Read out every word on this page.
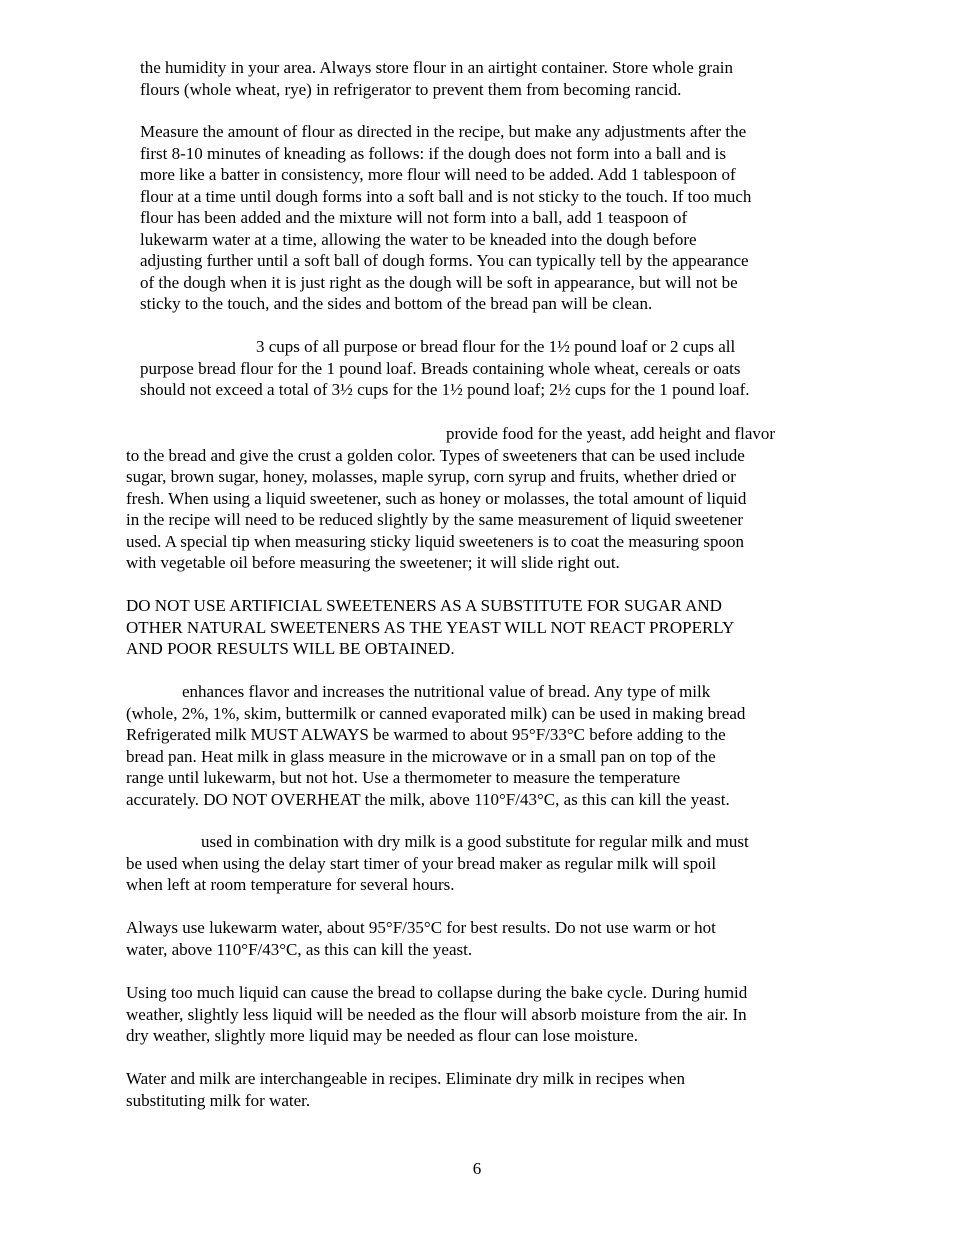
the humidity in your area. Always store flour in an airtight container. Store whole grain
flours (whole wheat, rye) in refrigerator to prevent them from becoming rancid.

Measure the amount of flour as directed in the recipe, but make any adjustments after the
first 8-10 minutes of kneading as follows: if the dough does not form into a ball and is
more like a batter in consistency, more flour will need to be added. Add 1 tablespoon of
flour at a time until dough forms into a soft ball and is not sticky to the touch. If too much
flour has been added and the mixture will not form into a ball, add 1 teaspoon of
lukewarm water at a time, allowing the water to be kneaded into the dough before
adjusting further until a soft ball of dough forms. You can typically tell by the appearance
of the dough when it is just right as the dough will be soft in appearance, but will not be
sticky to the touch, and the sides and bottom of the bread pan will be clean.

3 cups of all purpose or bread flour for the 1½ pound loaf or 2 cups all
purpose bread flour for the 1 pound loaf. Breads containing whole wheat, cereals or oats
should not exceed a total of 3½ cups for the 1½ pound loaf; 2½ cups for the 1 pound loaf.

provide food for the yeast, add height and flavor
to the bread and give the crust a golden color. Types of sweeteners that can be used include
sugar, brown sugar, honey, molasses, maple syrup, corn syrup and fruits, whether dried or
fresh. When using a liquid sweetener, such as honey or molasses, the total amount of liquid
in the recipe will need to be reduced slightly by the same measurement of liquid sweetener
used. A special tip when measuring sticky liquid sweeteners is to coat the measuring spoon
with vegetable oil before measuring the sweetener; it will slide right out.

DO NOT USE ARTIFICIAL SWEETENERS AS A SUBSTITUTE FOR SUGAR AND
OTHER NATURAL SWEETENERS AS THE YEAST WILL NOT REACT PROPERLY
AND POOR RESULTS WILL BE OBTAINED.

enhances flavor and increases the nutritional value of bread. Any type of milk
(whole, 2%, 1%, skim, buttermilk or canned evaporated milk) can be used in making bread
Refrigerated milk MUST ALWAYS be warmed to about 95°F/33°C before adding to the
bread pan. Heat milk in glass measure in the microwave or in a small pan on top of the
range until lukewarm, but not hot. Use a thermometer to measure the temperature
accurately. DO NOT OVERHEAT the milk, above 110°F/43°C, as this can kill the yeast.

used in combination with dry milk is a good substitute for regular milk and must
be used when using the delay start timer of your bread maker as regular milk will spoil
when left at room temperature for several hours.

Always use lukewarm water, about 95°F/35°C for best results. Do not use warm or hot
water, above 110°F/43°C, as this can kill the yeast.

Using too much liquid can cause the bread to collapse during the bake cycle. During humid
weather, slightly less liquid will be needed as the flour will absorb moisture from the air. In
dry weather, slightly more liquid may be needed as flour can lose moisture.

Water and milk are interchangeable in recipes. Eliminate dry milk in recipes when
substituting milk for water.

6
